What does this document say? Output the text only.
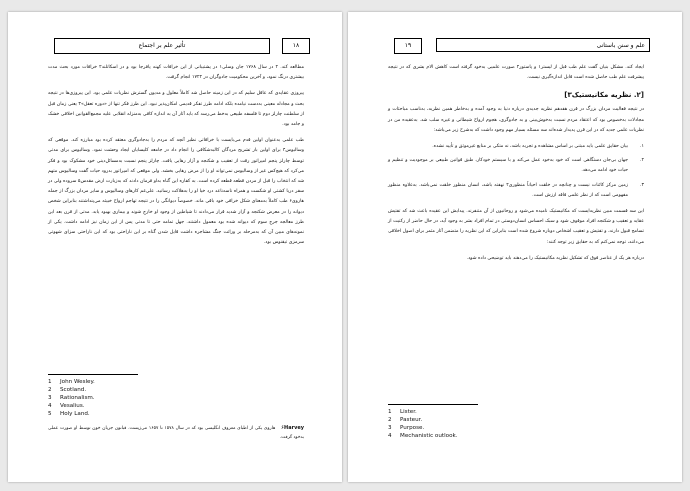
تأثیر علم بر اجتماع	۱۸

مطالعه کند. ۲ در سال ۱۷۶۸ جان وسلی۱ در پشتیبانی از این خرافات کهنه پافرجا بود و در اسکاتلند۲ خرافات مورد بحث مدت بیشتری درنگ نمود، و آخرین محکومیت جادوگران در ۱۷۲۲ انجام گرفت.

پیروزی عقایدی که عاقل سلیم که در این زمینه حاصل شد کاملاً معلول و مدیون گسترش نظریات علمی بود. این پیروزی‌ها در نتیجه بحث و مجادله معینی به‌دست نیامده بلکه ادامه طرز تفکر قدیمی امکان‌پذیر نبود. این طرز فکر تنها از «دوره تعقل»۳ یعنی زمان قبل از سلطنت چارلز دوم تا فلسفه طبیعی به‌خط می‌رسد که باید آثار آن به اندازه کافی به‌منزله انقلابی علیه مجمع‌القوانین اخلاقی خشک و جامد بود.

طب علمی به‌عنوان اولین قدم می‌بایست با خرافاتی نظیر آنچه که مردم را به‌جادوگری معتقد کرده بود مبارزه کند. موقعی که وسالیوس۴ برای اولین بار تشریح مردگان کالبدشکافی را انجام داد در جامعه کلیسایان ایجاد وحشت نمود. وسالیوس برای مدتی توسط چارلز پنجم امپراتور رقت از تعقیب و شکنجه و آزار رهایی یافت. چارلز پنجم نسبت به‌مسائل‌دینی خود مشکوک بود و فکر می‌کرد که هیچ‌کس غیر از وسالیوس نمی‌تواند او را از مرض رهایی بخشد. ولی موقعی که امپراتور بدرود حیات گفت وسالیوس متهم شد که انتخاب را قبل از مردن قطعه قطعه کرده است. به کفاره این گناه به‌او فرمان دادند که به‌زیارت ارض مقدس۵ سروده ولی در سفر دریا کشتی او شکست و همراه ناسه‌ناعد درد خیا او را به‌هلاکت رسانید. علی‌غم کارهای وسالیوس و سایر مردان بزرگ از جمله هاروی۶ طب کاملاً به‌معنای شکل خرافی خود باقی ماند. خصوصاً دیوانگی را در نتیجه تهاجم ارواح خبیثه می‌پنداشتند بنابراین شخص دیوانه را در معرض شکنجه و آزار شدید قرار می‌دادند تا شیاطین از وجود او خارج شوند و بیماری بهبود یابد. مدتی از قرن بعد این طرز معالجه جرج سوم که دیوانه شده بود معمول داشتند. جهل تمامه حتی تا مدتی پس از این زمان نیز ادامه داشت. یکی از نمونه‌های مبین آن که به‌مرحله بر وراثت جنگ مشاجره داشت قایل شدن گناه بر این ناراحتی بود که این ناراحتی سزای شهوتی سرمزی تیقنوس بود.

1 John Wesley.
2 Scotland.
3 Rationalism.
4 Vesalius.
5 Holy Land.
۶Harvey هاروی یکی از اطبای معروف انگلیسی بود که در سال ۱۵۷۸ تا ۱۶۵۷ می‌زیست. قبانون جریان خون توسط او صورت عملی به‌خود گرفت.
۱۹	علم و سنن باستانی

ایجاد کند. مشکل بنیان گفت علم طب قبل از لیستر۱ و پاستور۲ صورت علمیی به‌خود گرفته است کاهش الام بشری که در نتیجه پیشرفت علم طب حاصل شده است قابل اندازه‌گیری نیست.

[۲. نظریه مکانیستیک۳]

در نتیجه فعالیت مردان بزرگ در قرن هفدهم نظریه جدیدی درباره دنیا به وجود آمده و به‌خاطر همین نظریه، به‌ناسب مباحثات و مجادلات به‌خصوص بود که اعتقاد مردم نسبت به‌خوش‌بینی و به جادوگری، هجوم ارواح شیطانی و غیره سلب شد. به‌عقیده من در نظریات علمی جدید که در این قرن پدیدار شده‌اند سه مسئله بسیار مهم وجود داشت که به‌شرح زیر می‌باشد:

۱.
بیان حقایق علمی باید مبتنی بر اساس مشاهده و تجربه باشد، نه متکی بر منابع غیرموثق و تأیید نشده.
۲.
جهان بی‌جان دستگاهی است که خود به‌خود عمل می‌کند و با سیستم خودکار، طبق قوانین طبیعی بر موجودیت و تنظیم و حیات خود ادامه می‌دهد.
۳.
زمین مرکز کائنات نیست و چنانچه در خلقت احیاناً منظوری۴ نهفته باشد، انسان منظور خلقت نمی‌باشد. به‌علاوه منظور مفهومی است که از نظر علمی فاقد ارزش است.

این سه قسمت مبین نظریه‌ایست که مکانیستیک نامیده می‌شود و روحانیون از آن متنفرند. پیدایش این عقیده باعث شد که تفتیش عقاید و تعقیب و شکنجه افراد موقوف شود و سبک احساس انسان‌دوستی در تمام افراد بشر به وجود آید، در حال حاضر از رکنیت از تسامح قبول دارند، و تفتیش و تعقیب اشخاص دوباره شروع شده است بنابراین که این نظریه را متضمن آثار مثمر برای اصول اخلاقی می‌دانند، توجه نمی‌کنم که به حقایق زیر توجه کنند:

درباره هر یک از عناصر فوق که تشکیل نظریه مکانیستیک را می‌دهند باید توضیحی داده شود.

1 Lister.
2 Pasteur.
3 Purpose.
4 Mechanistic outlook.
